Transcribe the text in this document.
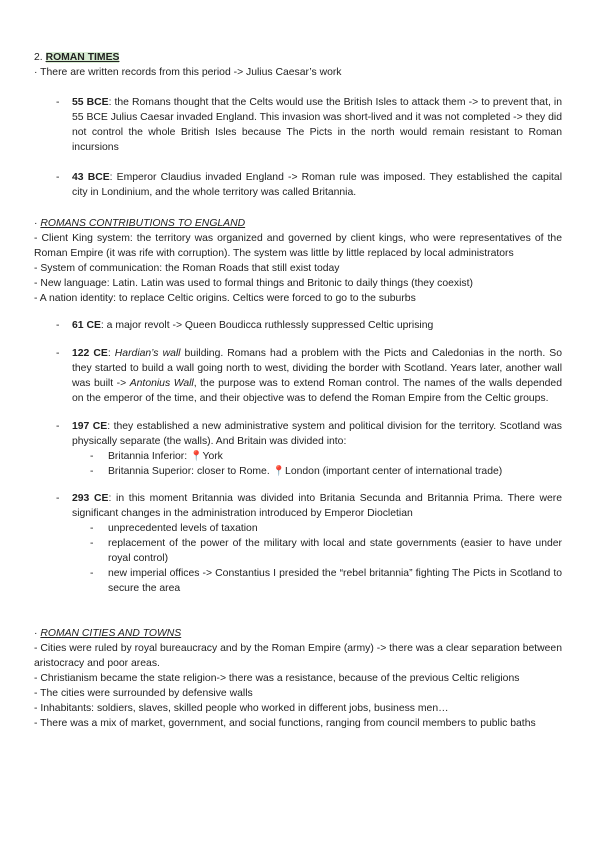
2. ROMAN TIMES
· There are written records from this period -> Julius Caesar’s work
- 55 BCE: the Romans thought that the Celts would use the British Isles to attack them -> to prevent that, in 55 BCE Julius Caesar invaded England. This invasion was short-lived and it was not completed -> they did not control the whole British Isles because The Picts in the north would remain resistant to Roman incursions
- 43 BCE: Emperor Claudius invaded England -> Roman rule was imposed. They established the capital city in Londinium, and the whole territory was called Britannia.
· ROMANS CONTRIBUTIONS TO ENGLAND
- Client King system: the territory was organized and governed by client kings, who were representatives of the Roman Empire (it was rife with corruption). The system was little by little replaced by local administrators
- System of communication: the Roman Roads that still exist today
- New language: Latin. Latin was used to formal things and Britonic to daily things (they coexist)
- A nation identity: to replace Celtic origins. Celtics were forced to go to the suburbs
- 61 CE: a major revolt -> Queen Boudicca ruthlessly suppressed Celtic uprising
- 122 CE: Hardian’s wall building. Romans had a problem with the Picts and Caledonias in the north. So they started to build a wall going north to west, dividing the border with Scotland. Years later, another wall was built -> Antonius Wall, the purpose was to extend Roman control. The names of the walls depended on the emperor of the time, and their objective was to defend the Roman Empire from the Celtic groups.
- 197 CE: they established a new administrative system and political division for the territory. Scotland was physically separate (the walls). And Britain was divided into:
- Britannia Inferior: 📍York
- Britannia Superior: closer to Rome. 📍London (important center of international trade)
- 293 CE: in this moment Britannia was divided into Britania Secunda and Britannia Prima. There were significant changes in the administration introduced by Emperor Diocletian
- unprecedented levels of taxation
- replacement of the power of the military with local and state governments (easier to have under royal control)
- new imperial offices -> Constantius I presided the “rebel britannia” fighting The Picts in Scotland to secure the area
· ROMAN CITIES AND TOWNS
- Cities were ruled by royal bureaucracy and by the Roman Empire (army) -> there was a clear separation between aristocracy and poor areas.
- Christianism became the state religion-> there was a resistance, because of the previous Celtic religions
- The cities were surrounded by defensive walls
- Inhabitants: soldiers, slaves, skilled people who worked in different jobs, business men…
- There was a mix of market, government, and social functions, ranging from council members to public baths
